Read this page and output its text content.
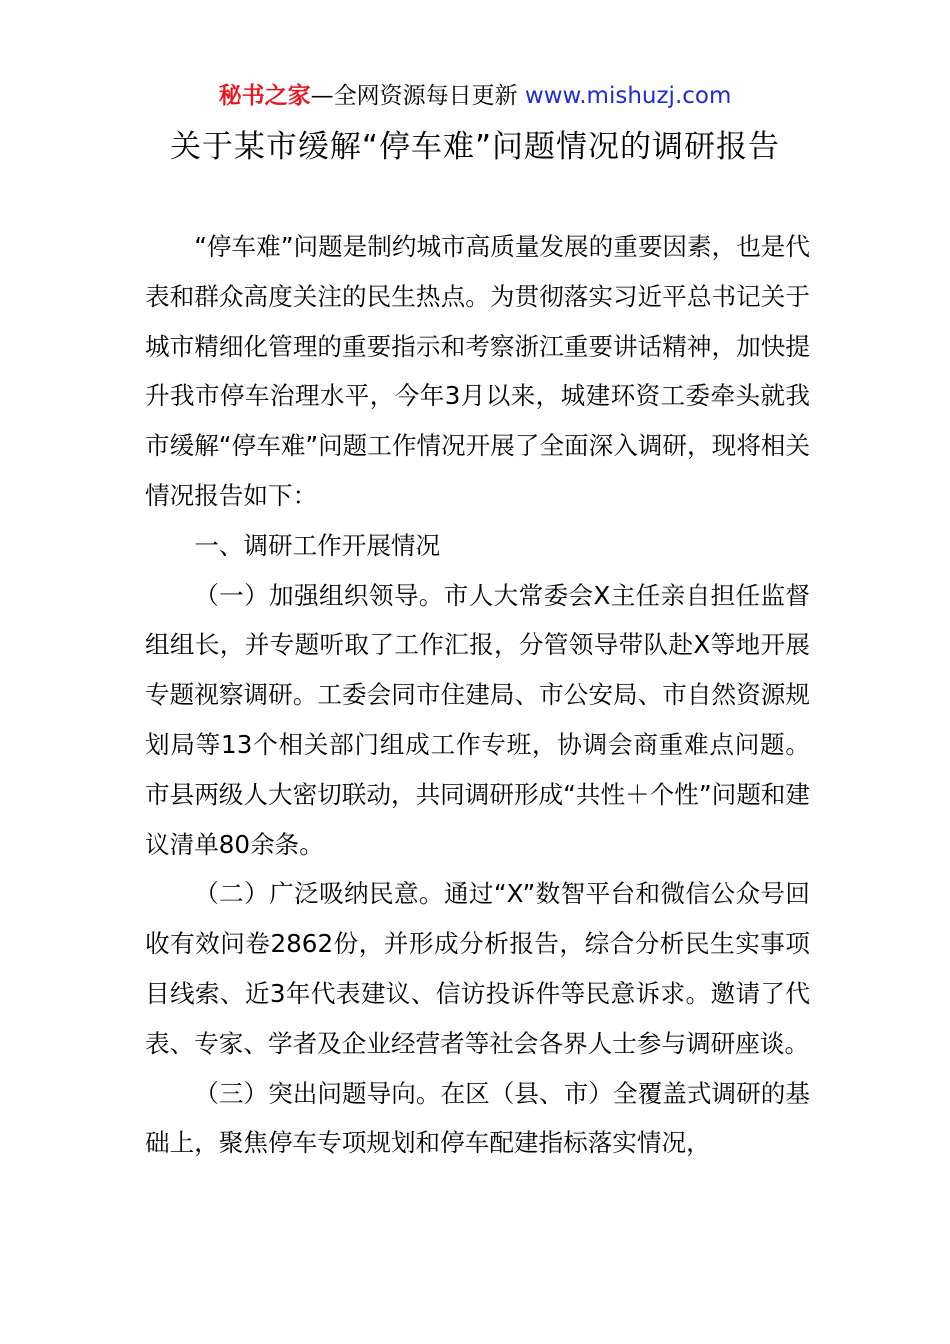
秘书之家—全网资源每日更新 www.mishuzj.com
关于某市缓解“停车难”问题情况的调研报告

“停车难”问题是制约城市高质量发展的重要因素，也是代表和群众高度关注的民生热点。为贯彻落实习近平总书记关于城市精细化管理的重要指示和考察浙江重要讲话精神，加快提升我市停车治理水平，今年3月以来，城建环资工委牵头就我市缓解“停车难”问题工作情况开展了全面深入调研，现将相关情况报告如下：

一、调研工作开展情况

（一）加强组织领导。市人大常委会X主任亲自担任监督组组长，并专题听取了工作汇报，分管领导带队赴X等地开展专题视察调研。工委会同市住建局、市公安局、市自然资源规划局等13个相关部门组成工作专班，协调会商重难点问题。市县两级人大密切联动，共同调研形成“共性＋个性”问题和建议清单80余条。

（二）广泛吸纳民意。通过“X”数智平台和微信公众号回收有效问卷2862份，并形成分析报告，综合分析民生实事项目线索、近3年代表建议、信访投诉件等民意诉求。邀请了代表、专家、学者及企业经营者等社会各界人士参与调研座谈。

（三）突出问题导向。在区（县、市）全覆盖式调研的基础上，聚焦停车专项规划和停车配建指标落实情况，
